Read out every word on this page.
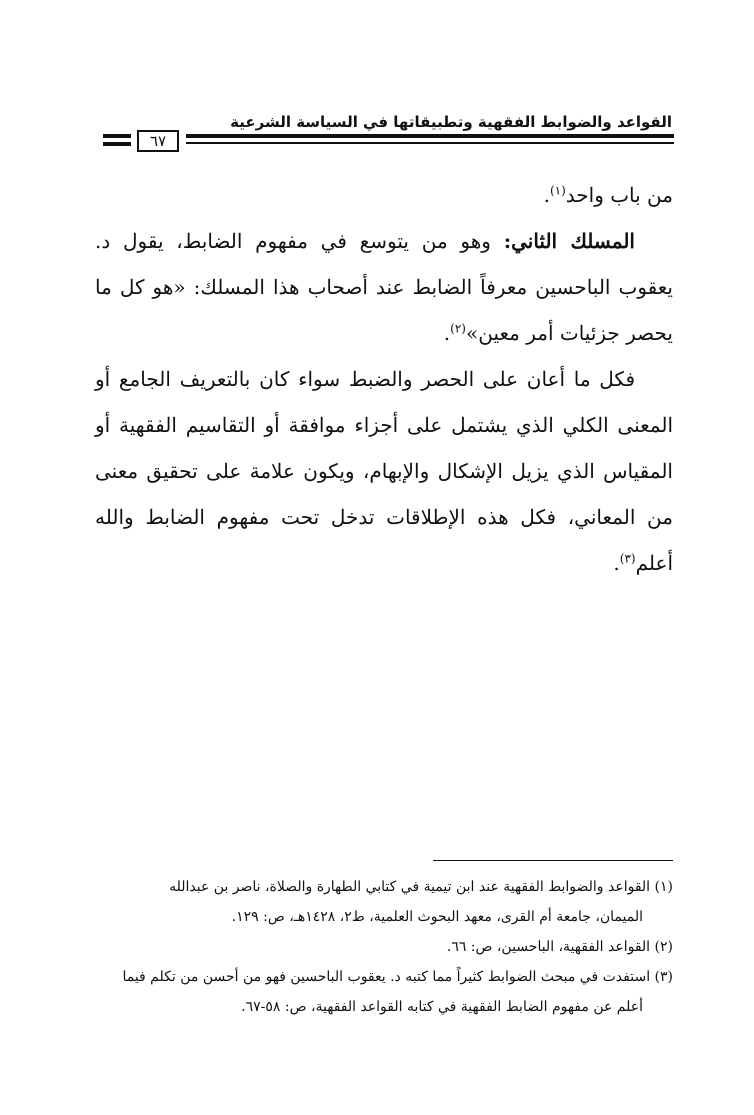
القواعد والضوابط الفقهية وتطبيقاتها في السياسة الشرعية
٦٧

من باب واحد$^{(١)}$.

المسلك الثاني: وهو من يتوسع في مفهوم الضابط، يقول د. يعقوب الباحسين معرفاً الضابط عند أصحاب هذا المسلك: «هو كل ما يحصر جزئيات أمر معين»$^{(٢)}$.

فكل ما أعان على الحصر والضبط سواء كان بالتعريف الجامع أو المعنى الكلي الذي يشتمل على أجزاء موافقة أو التقاسيم الفقهية أو المقياس الذي يزيل الإشكال والإبهام، ويكون علامة على تحقيق معنى من المعاني، فكل هذه الإطلاقات تدخل تحت مفهوم الضابط والله أعلم$^{(٣)}$.

(١) القواعد والضوابط الفقهية عند ابن تيمية في كتابي الطهارة والصلاة، ناصر بن عبدالله

الميمان، جامعة أم القرى، معهد البحوث العلمية، ط٢، ١٤٢٨هـ، ص: ١٢٩.

(٢) القواعد الفقهية، الباحسين، ص: ٦٦.

(٣) استفدت في مبحث الضوابط كثيراً مما كتبه د. يعقوب الباحسين فهو من أحسن من تكلم فيما

أعلم عن مفهوم الضابط الفقهية في كتابه القواعد الفقهية، ص: ٥٨-٦٧.
